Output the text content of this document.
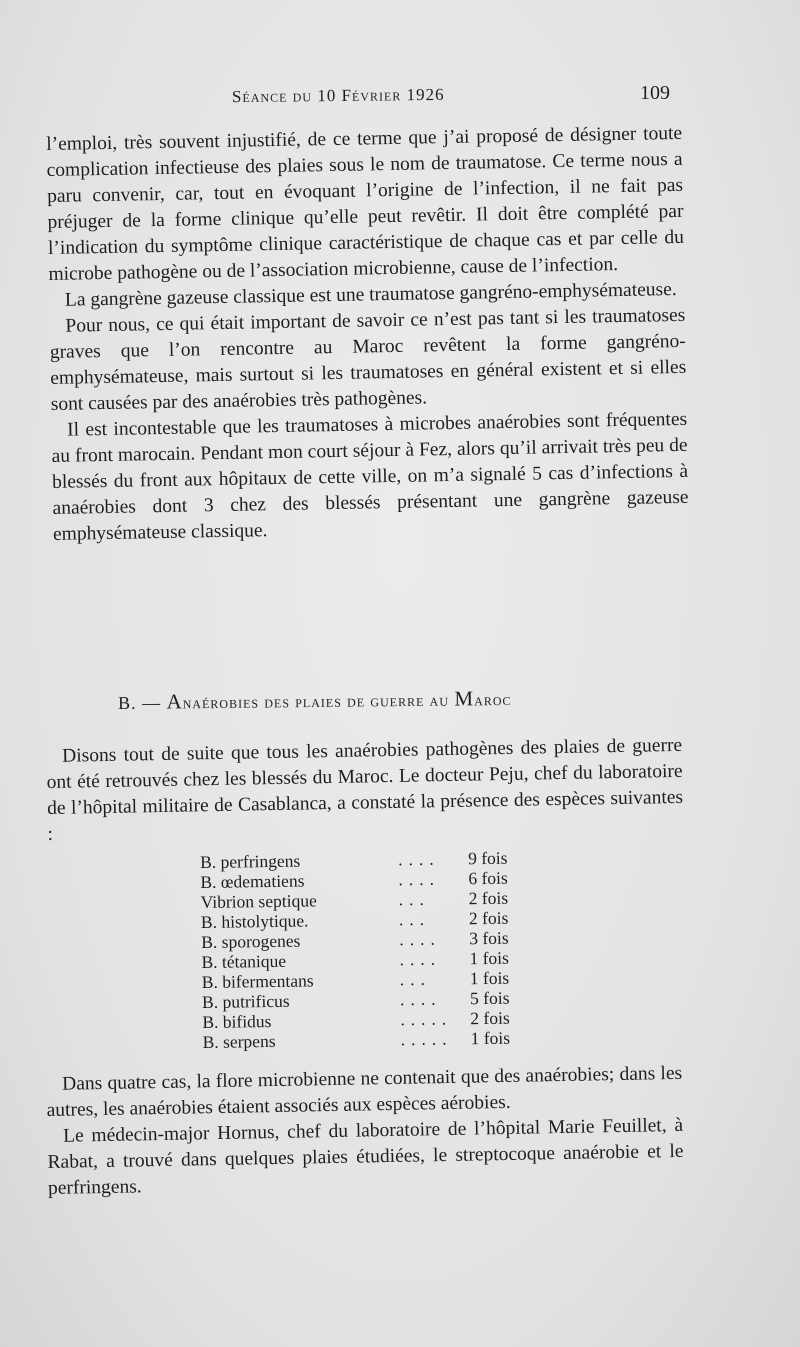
Séance du 10 Février 1926	109

l’emploi, très souvent injustifié, de ce terme que j’ai proposé de désigner toute complication infectieuse des plaies sous le nom de traumatose. Ce terme nous a paru convenir, car, tout en évoquant l’origine de l’infection, il ne fait pas préjuger de la forme clinique qu’elle peut revêtir. Il doit être complété par l’indication du symptôme clinique caractéristique de chaque cas et par celle du microbe pathogène ou de l’association microbienne, cause de l’infection.

La gangrène gazeuse classique est une traumatose gangréno-emphysémateuse.

Pour nous, ce qui était important de savoir ce n’est pas tant si les traumatoses graves que l’on rencontre au Maroc revêtent la forme gangréno-emphysémateuse, mais surtout si les traumatoses en général existent et si elles sont causées par des anaérobies très pathogènes.

Il est incontestable que les traumatoses à microbes anaérobies sont fréquentes au front marocain. Pendant mon court séjour à Fez, alors qu’il arrivait très peu de blessés du front aux hôpitaux de cette ville, on m’a signalé 5 cas d’infections à anaérobies dont 3 chez des blessés présentant une gangrène gazeuse emphysémateuse classique.

B. — Anaérobies des plaies de guerre au Maroc

Disons tout de suite que tous les anaérobies pathogènes des plaies de guerre ont été retrouvés chez les blessés du Maroc. Le docteur Peju, chef du laboratoire de l’hôpital militaire de Casablanca, a constaté la présence des espèces suivantes :

B. perfringens	....	9 fois
B. œdematiens	....	6 fois
Vibrion septique	...	2 fois
B. histolytique.	...	2 fois
B. sporogenes	....	3 fois
B. tétanique	....	1 fois
B. bifermentans	...	1 fois
B. putrificus	....	5 fois
B. bifidus	.....	2 fois
B. serpens	.....	1 fois

Dans quatre cas, la flore microbienne ne contenait que des anaérobies; dans les autres, les anaérobies étaient associés aux espèces aérobies.

Le médecin-major Hornus, chef du laboratoire de l’hôpital Marie Feuillet, à Rabat, a trouvé dans quelques plaies étudiées, le streptocoque anaérobie et le perfringens.
